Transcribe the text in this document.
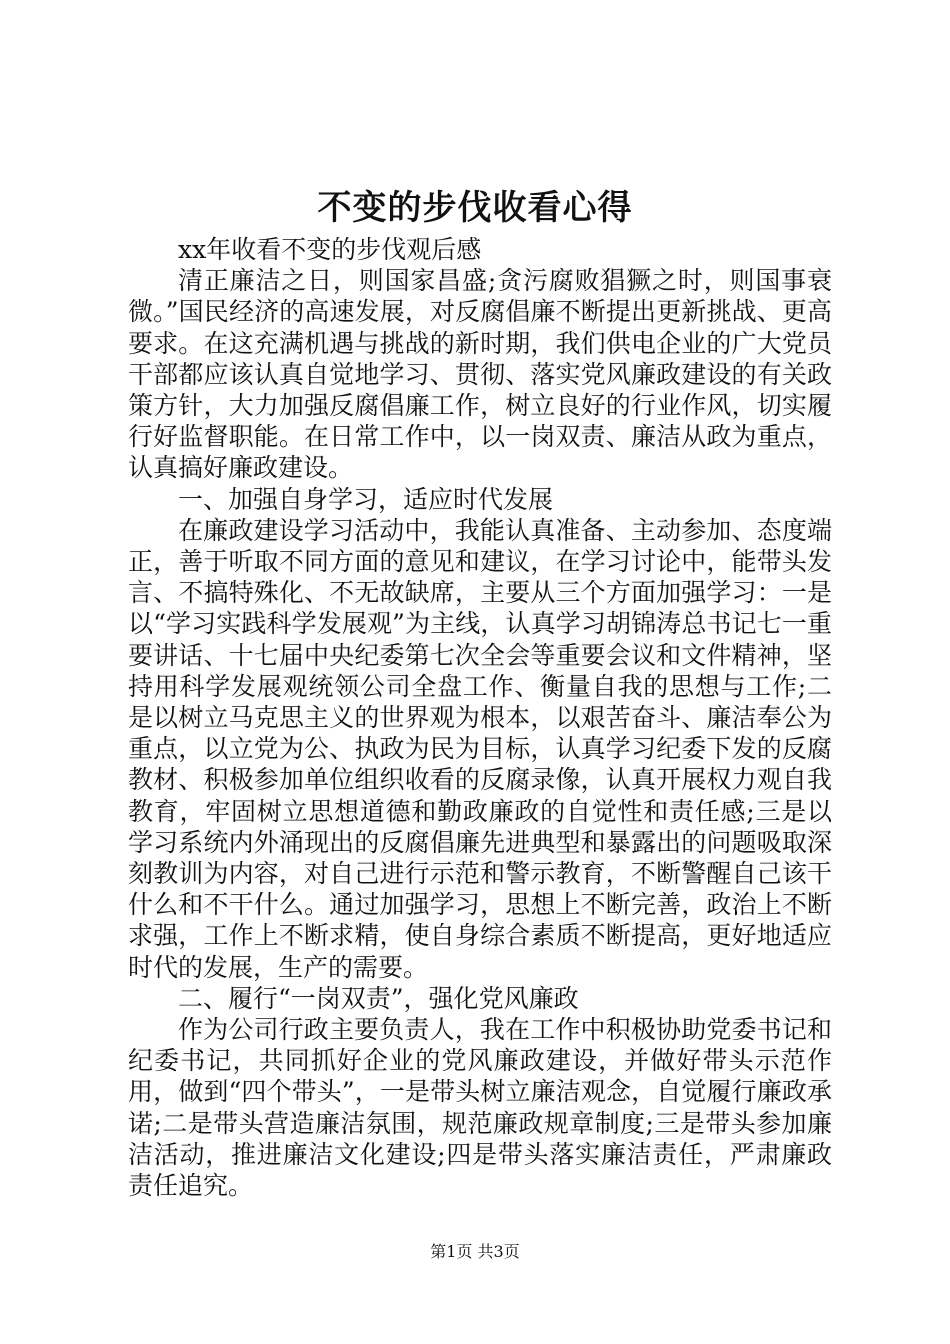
不变的步伐收看心得

xx年收看不变的步伐观后感

清正廉洁之日，则国家昌盛;贪污腐败猖獗之时，则国事衰微。”国民经济的高速发展，对反腐倡廉不断提出更新挑战、更高要求。在这充满机遇与挑战的新时期，我们供电企业的广大党员干部都应该认真自觉地学习、贯彻、落实党风廉政建设的有关政策方针，大力加强反腐倡廉工作，树立良好的行业作风，切实履行好监督职能。在日常工作中，以一岗双责、廉洁从政为重点，认真搞好廉政建设。

一、加强自身学习，适应时代发展

在廉政建设学习活动中，我能认真准备、主动参加、态度端正，善于听取不同方面的意见和建议，在学习讨论中，能带头发言、不搞特殊化、不无故缺席，主要从三个方面加强学习：一是以“学习实践科学发展观”为主线，认真学习胡锦涛总书记七一重要讲话、十七届中央纪委第七次全会等重要会议和文件精神，坚持用科学发展观统领公司全盘工作、衡量自我的思想与工作;二是以树立马克思主义的世界观为根本，以艰苦奋斗、廉洁奉公为重点，以立党为公、执政为民为目标，认真学习纪委下发的反腐教材、积极参加单位组织收看的反腐录像，认真开展权力观自我教育，牢固树立思想道德和勤政廉政的自觉性和责任感;三是以学习系统内外涌现出的反腐倡廉先进典型和暴露出的问题吸取深刻教训为内容，对自己进行示范和警示教育，不断警醒自己该干什么和不干什么。通过加强学习，思想上不断完善，政治上不断求强，工作上不断求精，使自身综合素质不断提高，更好地适应时代的发展，生产的需要。

二、履行“一岗双责”，强化党风廉政

作为公司行政主要负责人，我在工作中积极协助党委书记和纪委书记，共同抓好企业的党风廉政建设，并做好带头示范作用，做到“四个带头”，一是带头树立廉洁观念，自觉履行廉政承诺;二是带头营造廉洁氛围，规范廉政规章制度;三是带头参加廉洁活动，推进廉洁文化建设;四是带头落实廉洁责任，严肃廉政责任追究。

第1页 共3页
